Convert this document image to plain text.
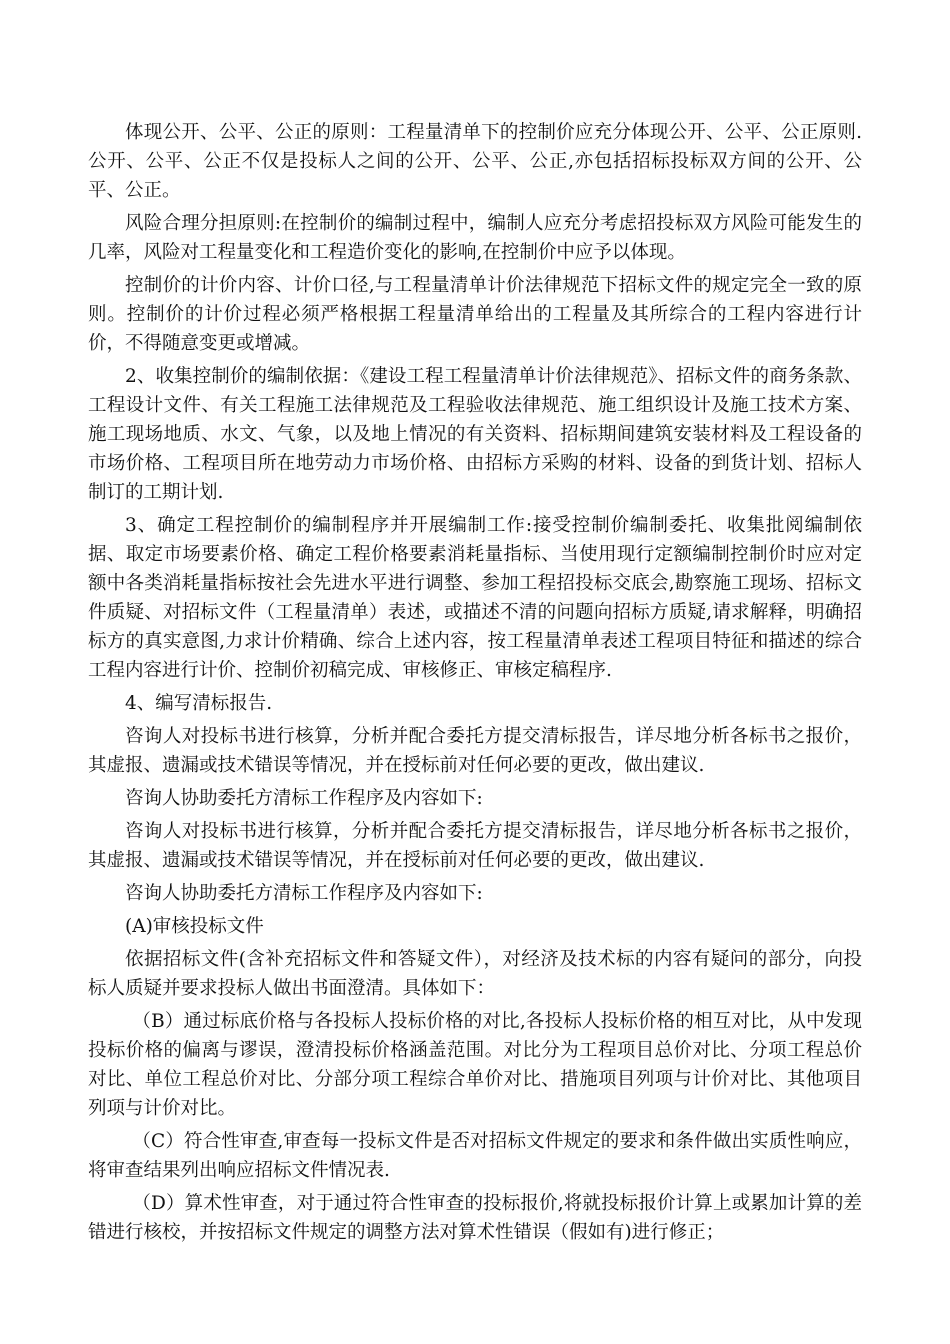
体现公开、公平、公正的原则：工程量清单下的控制价应充分体现公开、公平、公正原则.公开、公平、公正不仅是投标人之间的公开、公平、公正,亦包括招标投标双方间的公开、公平、公正。

风险合理分担原则:在控制价的编制过程中，编制人应充分考虑招投标双方风险可能发生的几率，风险对工程量变化和工程造价变化的影响,在控制价中应予以体现。

控制价的计价内容、计价口径,与工程量清单计价法律规范下招标文件的规定完全一致的原则。控制价的计价过程必须严格根据工程量清单给出的工程量及其所综合的工程内容进行计价，不得随意变更或增减。

2、收集控制价的编制依据：《建设工程工程量清单计价法律规范》、招标文件的商务条款、工程设计文件、有关工程施工法律规范及工程验收法律规范、施工组织设计及施工技术方案、施工现场地质、水文、气象，以及地上情况的有关资料、招标期间建筑安装材料及工程设备的市场价格、工程项目所在地劳动力市场价格、由招标方采购的材料、设备的到货计划、招标人制订的工期计划.

3、确定工程控制价的编制程序并开展编制工作:接受控制价编制委托、收集批阅编制依据、取定市场要素价格、确定工程价格要素消耗量指标、当使用现行定额编制控制价时应对定额中各类消耗量指标按社会先进水平进行调整、参加工程招投标交底会,勘察施工现场、招标文件质疑、对招标文件（工程量清单）表述，或描述不清的问题向招标方质疑,请求解释，明确招标方的真实意图,力求计价精确、综合上述内容，按工程量清单表述工程项目特征和描述的综合工程内容进行计价、控制价初稿完成、审核修正、审核定稿程序.

4、编写清标报告.

咨询人对投标书进行核算，分析并配合委托方提交清标报告，详尽地分析各标书之报价，其虚报、遗漏或技术错误等情况，并在授标前对任何必要的更改，做出建议.

咨询人协助委托方清标工作程序及内容如下:

咨询人对投标书进行核算，分析并配合委托方提交清标报告，详尽地分析各标书之报价，其虚报、遗漏或技术错误等情况，并在授标前对任何必要的更改，做出建议.

咨询人协助委托方清标工作程序及内容如下:

(A)审核投标文件

依据招标文件(含补充招标文件和答疑文件），对经济及技术标的内容有疑问的部分，向投标人质疑并要求投标人做出书面澄清。具体如下：

（B）通过标底价格与各投标人投标价格的对比,各投标人投标价格的相互对比，从中发现投标价格的偏离与谬误，澄清投标价格涵盖范围。对比分为工程项目总价对比、分项工程总价对比、单位工程总价对比、分部分项工程综合单价对比、措施项目列项与计价对比、其他项目列项与计价对比。

（C）符合性审查,审查每一投标文件是否对招标文件规定的要求和条件做出实质性响应，将审查结果列出响应招标文件情况表.

（D）算术性审查，对于通过符合性审查的投标报价,将就投标报价计算上或累加计算的差错进行核校，并按招标文件规定的调整方法对算术性错误（假如有)进行修正；
